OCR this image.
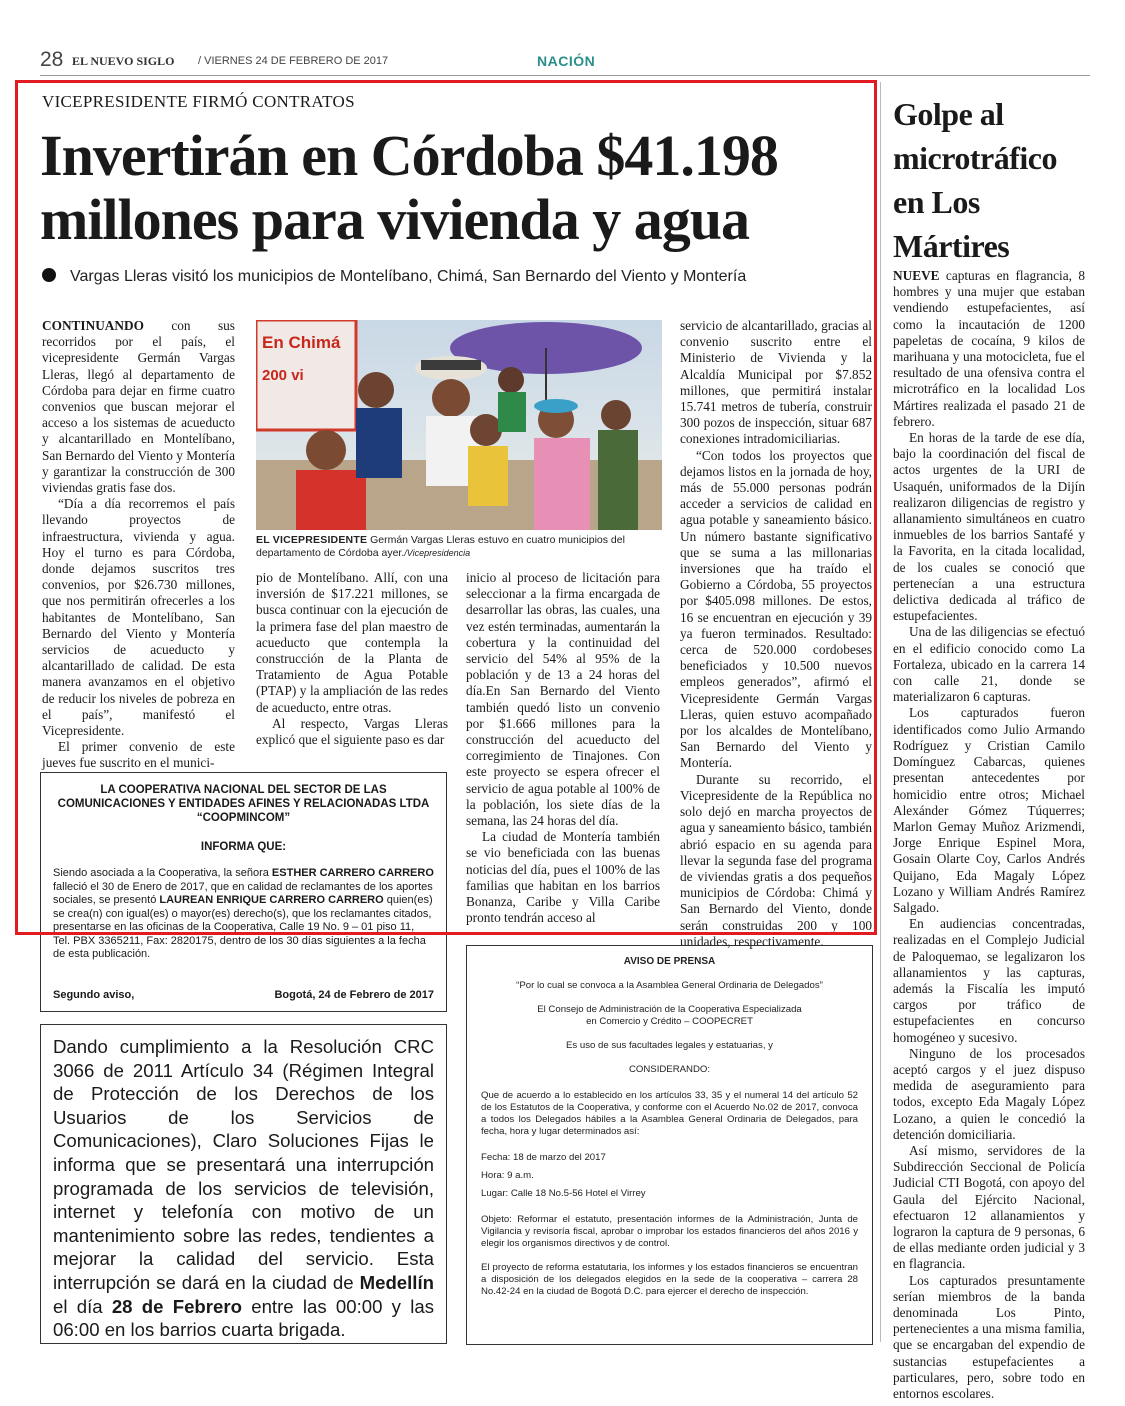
28 EL NUEVO SIGLO / VIERNES 24 DE FEBRERO DE 2017	NACIÓN
VICEPRESIDENTE FIRMÓ CONTRATOS
Invertirán en Córdoba $41.198 millones para vivienda y agua
Vargas Lleras visitó los municipios de Montelíbano, Chimá, San Bernardo del Viento y Montería

CONTINUANDO con sus recorridos por el país, el vicepresidente Germán Vargas Lleras, llegó al departamento de Córdoba para dejar en firme cuatro convenios que buscan mejorar el acceso a los sistemas de acueducto y alcantarillado en Montelíbano, San Bernardo del Viento y Montería y garantizar la construcción de 300 viviendas gratis fase dos.

“Día a día recorremos el país llevando proyectos de infraestructura, vivienda y agua. Hoy el turno es para Córdoba, donde dejamos suscritos tres convenios, por $26.730 millones, que nos permitirán ofrecerles a los habitantes de Montelíbano, San Bernardo del Viento y Montería servicios de acueducto y alcantarillado de calidad. De esta manera avanzamos en el objetivo de reducir los niveles de pobreza en el país”, manifestó el Vicepresidente.

El primer convenio de este jueves fue suscrito en el munici-

En Chimá
200 vi
EL VICEPRESIDENTE Germán Vargas Lleras estuvo en cuatro municipios del departamento de Córdoba ayer./Vicepresidencia

pio de Montelíbano. Allí, con una inversión de $17.221 millones, se busca continuar con la ejecución de la primera fase del plan maestro de acueducto que contempla la construcción de la Planta de Tratamiento de Agua Potable (PTAP) y la ampliación de las redes de acueducto, entre otras.

Al respecto, Vargas Lleras explicó que el siguiente paso es dar

inicio al proceso de licitación para seleccionar a la firma encargada de desarrollar las obras, las cuales, una vez estén terminadas, aumentarán la cobertura y la continuidad del servicio del 54% al 95% de la población y de 13 a 24 horas del día.En San Bernardo del Viento también quedó listo un convenio por $1.666 millones para la construcción del acueducto del corregimiento de Tinajones. Con este proyecto se espera ofrecer el servicio de agua potable al 100% de la población, los siete días de la semana, las 24 horas del día.

La ciudad de Montería también se vio beneficiada con las buenas noticias del día, pues el 100% de las familias que habitan en los barrios Bonanza, Caribe y Villa Caribe pronto tendrán acceso al

servicio de alcantarillado, gracias al convenio suscrito entre el Ministerio de Vivienda y la Alcaldía Municipal por $7.852 millones, que permitirá instalar 15.741 metros de tubería, construir 300 pozos de inspección, situar 687 conexiones intradomiciliarias.

“Con todos los proyectos que dejamos listos en la jornada de hoy, más de 55.000 personas podrán acceder a servicios de calidad en agua potable y saneamiento básico. Un número bastante significativo que se suma a las millonarias inversiones que ha traído el Gobierno a Córdoba, 55 proyectos por $405.098 millones. De estos, 16 se encuentran en ejecución y 39 ya fueron terminados. Resultado: cerca de 520.000 cordobeses beneficiados y 10.500 nuevos empleos generados”, afirmó el Vicepresidente Germán Vargas Lleras, quien estuvo acompañado por los alcaldes de Montelíbano, San Bernardo del Viento y Montería.

Durante su recorrido, el Vicepresidente de la República no solo dejó en marcha proyectos de agua y saneamiento básico, también abrió espacio en su agenda para llevar la segunda fase del programa de viviendas gratis a dos pequeños municipios de Córdoba: Chimá y San Bernardo del Viento, donde serán construidas 200 y 100 unidades, respectivamente.

LA COOPERATIVA NACIONAL DEL SECTOR DE LAS
COMUNICACIONES Y ENTIDADES AFINES Y RELACIONADAS LTDA
“COOPMINCOM”
INFORMA QUE:
Siendo asociada a la Cooperativa, la señora ESTHER CARRERO CARRERO falleció el 30 de Enero de 2017, que en calidad de reclamantes de los aportes sociales, se presentó LAUREAN ENRIQUE CARRERO CARRERO quien(es) se crea(n) con igual(es) o mayor(es) derecho(s), que los reclamantes citados, presentarse en las oficinas de la Cooperativa, Calle 19 No. 9 – 01 piso 11, Tel. PBX 3365211, Fax: 2820175, dentro de los 30 días siguientes a la fecha de esta publicación.
Segundo aviso,	Bogotá, 24 de Febrero de 2017
Dando cumplimiento a la Resolución CRC 3066 de 2011 Artículo 34 (Régimen Integral de Protección de los Derechos de los Usuarios de los Servicios de Comunicaciones), Claro Soluciones Fijas le informa que se presentará una interrupción programada de los servicios de televisión, internet y telefonía con motivo de un mantenimiento sobre las redes, tendientes a mejorar la calidad del servicio. Esta interrupción se dará en la ciudad de Medellín el día 28 de Febrero entre las 00:00 y las 06:00 en los barrios cuarta brigada.
AVISO DE PRENSA
“Por lo cual se convoca a la Asamblea General Ordinaria de Delegados”
El Consejo de Administración de la Cooperativa Especializada
en Comercio y Crédito – COOPECRET
Es uso de sus facultades legales y estatuarias, y
CONSIDERANDO:
Que de acuerdo a lo establecido en los artículos 33, 35 y el numeral 14 del artículo 52 de los Estatutos de la Cooperativa, y conforme con el Acuerdo No.02 de 2017, convoca a todos los Delegados hábiles a la Asamblea General Ordinaria de Delegados, para fecha, hora y lugar determinados así:
Fecha: 18 de marzo del 2017
Hora: 9 a.m.
Lugar: Calle 18 No.5-56 Hotel el Virrey
Objeto: Reformar el estatuto, presentación informes de la Administración, Junta de Vigilancia y revisoría fiscal, aprobar o improbar los estados financieros del años 2016 y elegir los organismos directivos y de control.
El proyecto de reforma estatutaria, los informes y los estados financieros se encuentran a disposición de los delegados elegidos en la sede de la cooperativa – carrera 28 No.42-24 en la ciudad de Bogotá D.C. para ejercer el derecho de inspección.
Golpe al microtráfico en Los Mártires

NUEVE capturas en flagrancia, 8 hombres y una mujer que estaban vendiendo estupefacientes, así como la incautación de 1200 papeletas de cocaína, 9 kilos de marihuana y una motocicleta, fue el resultado de una ofensiva contra el microtráfico en la localidad Los Mártires realizada el pasado 21 de febrero.

En horas de la tarde de ese día, bajo la coordinación del fiscal de actos urgentes de la URI de Usaquén, uniformados de la Dijín realizaron diligencias de registro y allanamiento simultáneos en cuatro inmuebles de los barrios Santafé y la Favorita, en la citada localidad, de los cuales se conoció que pertenecían a una estructura delictiva dedicada al tráfico de estupefacientes.

Una de las diligencias se efectuó en el edificio conocido como La Fortaleza, ubicado en la carrera 14 con calle 21, donde se materializaron 6 capturas.

Los capturados fueron identificados como Julio Armando Rodríguez y Cristian Camilo Domínguez Cabarcas, quienes presentan antecedentes por homicidio entre otros; Michael Alexánder Gómez Túquerres; Marlon Gemay Muñoz Arizmendi, Jorge Enrique Espinel Mora, Gosain Olarte Coy, Carlos Andrés Quijano, Eda Magaly López Lozano y William Andrés Ramírez Salgado.

En audiencias concentradas, realizadas en el Complejo Judicial de Paloquemao, se legalizaron los allanamientos y las capturas, además la Fiscalía les imputó cargos por tráfico de estupefacientes en concurso homogéneo y sucesivo.

Ninguno de los procesados aceptó cargos y el juez dispuso medida de aseguramiento para todos, excepto Eda Magaly López Lozano, a quien le concedió la detención domiciliaria.

Así mismo, servidores de la Subdirección Seccional de Policía Judicial CTI Bogotá, con apoyo del Gaula del Ejército Nacional, efectuaron 12 allanamientos y lograron la captura de 9 personas, 6 de ellas mediante orden judicial y 3 en flagrancia.

Los capturados presuntamente serían miembros de la banda denominada Los Pinto, pertenecientes a una misma familia, que se encargaban del expendio de sustancias estupefacientes a particulares, pero, sobre todo en entornos escolares.
